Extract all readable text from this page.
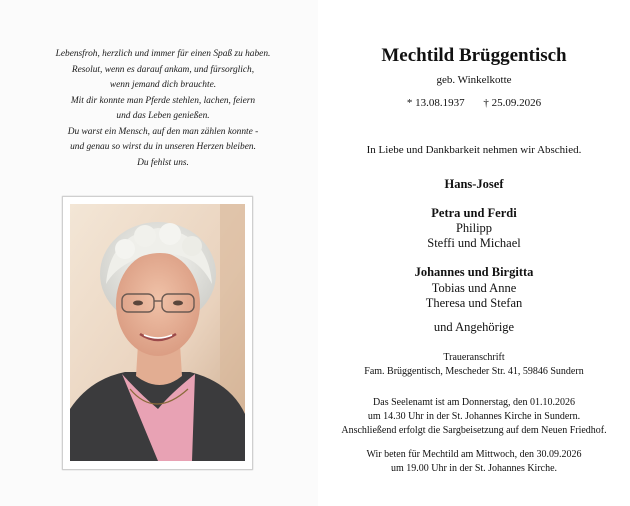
Lebensfroh, herzlich und immer für einen Spaß zu haben.
Resolut, wenn es darauf ankam, und fürsorglich,
wenn jemand dich brauchte.
Mit dir konnte man Pferde stehlen, lachen, feiern
und das Leben genießen.
Du warst ein Mensch, auf den man zählen konnte -
und genau so wirst du in unseren Herzen bleiben.
Du fehlst uns.
Mechtild Brüggentisch
geb. Winkelkotte
* 13.08.1937 † 25.09.2026
In Liebe und Dankbarkeit nehmen wir Abschied.
Hans-Josef
Petra und Ferdi
Philipp
Steffi und Michael
Johannes und Birgitta
Tobias und Anne
Theresa und Stefan
und Angehörige
Traueranschrift
Fam. Brüggentisch, Mescheder Str. 41, 59846 Sundern
Das Seelenamt ist am Donnerstag, den 01.10.2026
um 14.30 Uhr in der St. Johannes Kirche in Sundern.
Anschließend erfolgt die Sargbeisetzung auf dem Neuen Friedhof.
Wir beten für Mechtild am Mittwoch, den 30.09.2026
um 19.00 Uhr in der St. Johannes Kirche.
